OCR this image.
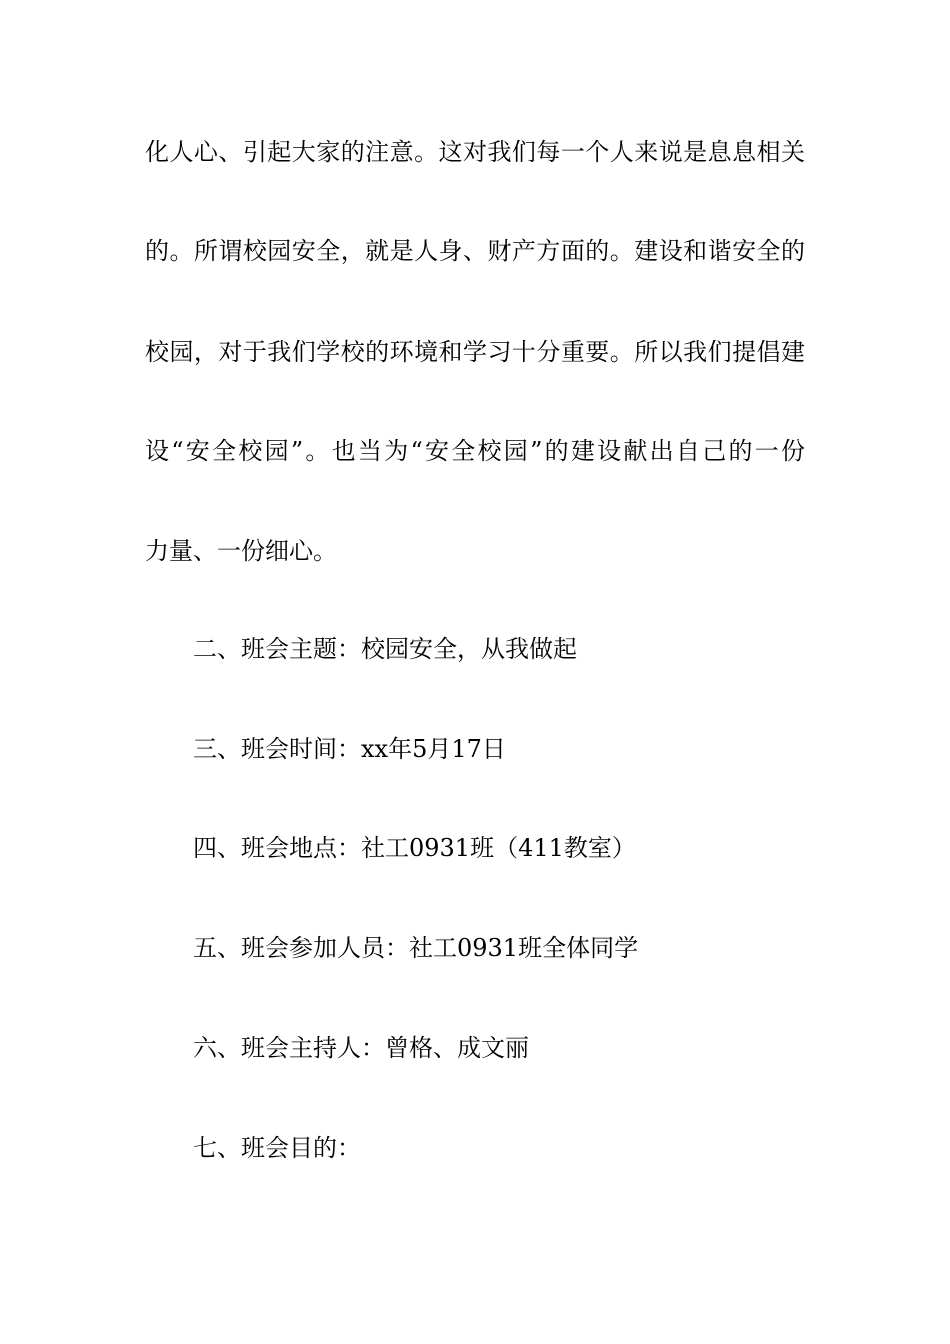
化人心、引起大家的注意。这对我们每一个人来说是息息相关
的。所谓校园安全，就是人身、财产方面的。建设和谐安全的
校园，对于我们学校的环境和学习十分重要。所以我们提倡建
设“安全校园”。也当为“安全校园”的建设献出自己的一份
力量、一份细心。
二、班会主题：校园安全，从我做起
三、班会时间：xx年5月17日
四、班会地点：社工0931班（411教室）
五、班会参加人员：社工0931班全体同学
六、班会主持人：曾格、成文丽
七、班会目的：
